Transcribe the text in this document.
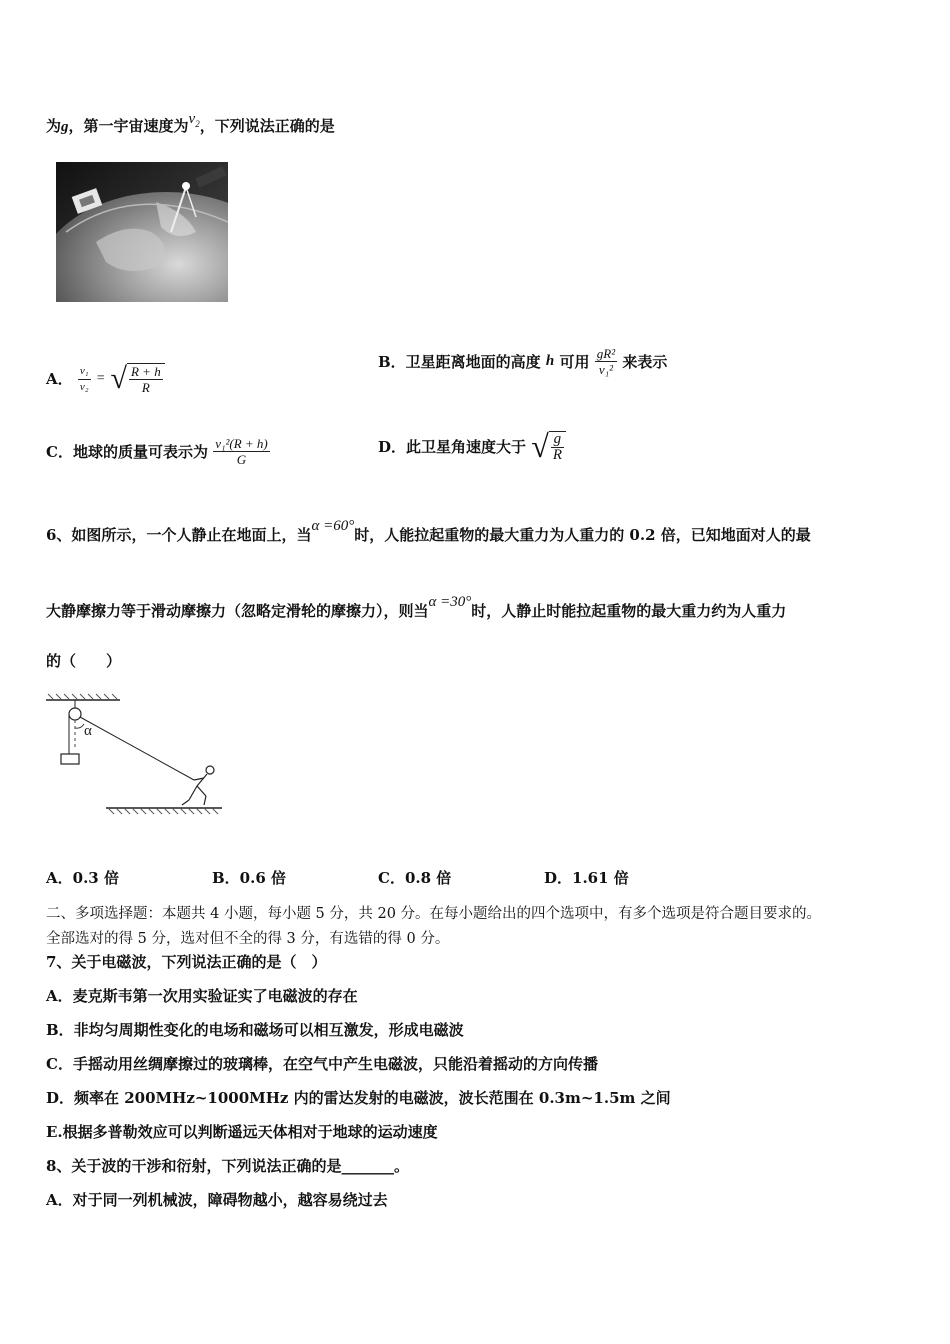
为g，第一宇宙速度为$v_2$，下列说法正确的是
A． $\frac{\text{v₁}}{\text{v₂}}$ = √ $\frac{R + h}{R}$
B．卫星距离地面的高度 h 可用 $\frac{\text{gR²}}{\text{v₁²}}$ 来表示
C．地球的质量可表示为 $\frac{\text{v₁²(R + h)}}{G}$	D．此卫星角速度大于 √ $\frac{g}{R}$
6、如图所示，一个人静止在地面上，当α =60°时，人能拉起重物的最大重力为人重力的 0.2 倍，已知地面对人的最
大静摩擦力等于滑动摩擦力（忽略定滑轮的摩擦力），则当α =30°时，人静止时能拉起重物的最大重力约为人重力
的（　　）
α
A．0.3 倍	B．0.6 倍	C．0.8 倍	D．1.61 倍
二、多项选择题：本题共 4 小题，每小题 5 分，共 20 分。在每小题给出的四个选项中，有多个选项是符合题目要求的。
全部选对的得 5 分，选对但不全的得 3 分，有选错的得 0 分。
7、关于电磁波，下列说法正确的是（　）
A．麦克斯韦第一次用实验证实了电磁波的存在
B．非均匀周期性变化的电场和磁场可以相互激发，形成电磁波
C．手摇动用丝绸摩擦过的玻璃棒，在空气中产生电磁波，只能沿着摇动的方向传播
D．频率在 200MHz~1000MHz 内的雷达发射的电磁波，波长范围在 0.3m~1.5m 之间
E.根据多普勒效应可以判断遥远天体相对于地球的运动速度
8、关于波的干涉和衍射，下列说法正确的是_______。
A．对于同一列机械波，障碍物越小，越容易绕过去
